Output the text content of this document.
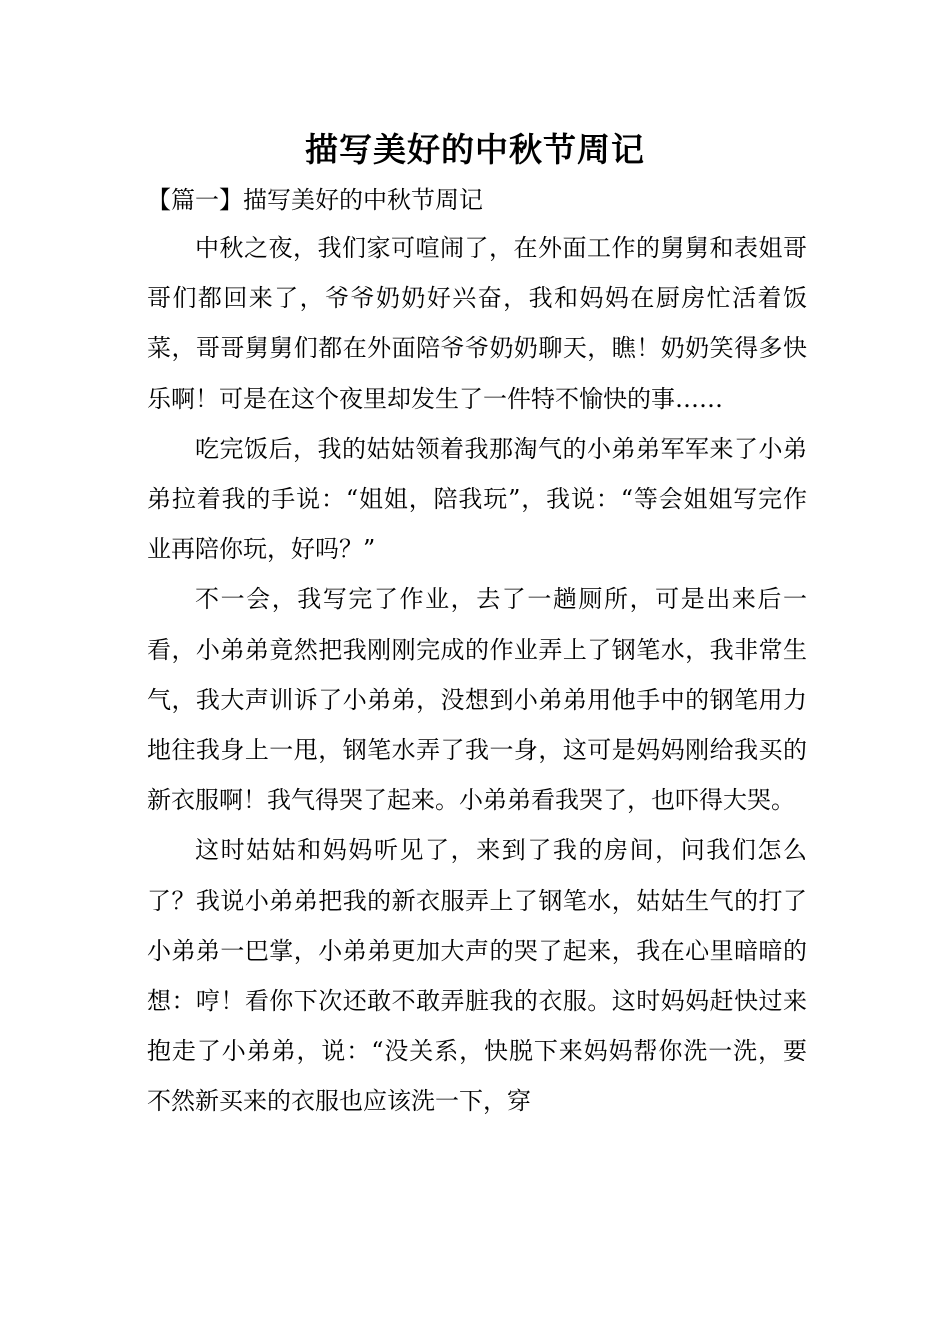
描写美好的中秋节周记
【篇一】描写美好的中秋节周记

中秋之夜，我们家可喧闹了，在外面工作的舅舅和表姐哥哥们都回来了，爷爷奶奶好兴奋，我和妈妈在厨房忙活着饭菜，哥哥舅舅们都在外面陪爷爷奶奶聊天，瞧！奶奶笑得多快乐啊！可是在这个夜里却发生了一件特不愉快的事……

吃完饭后，我的姑姑领着我那淘气的小弟弟军军来了小弟弟拉着我的手说：“姐姐，陪我玩”，我说：“等会姐姐写完作业再陪你玩，好吗？”

不一会，我写完了作业，去了一趟厕所，可是出来后一看，小弟弟竟然把我刚刚完成的作业弄上了钢笔水，我非常生气，我大声训诉了小弟弟，没想到小弟弟用他手中的钢笔用力地往我身上一甩，钢笔水弄了我一身，这可是妈妈刚给我买的新衣服啊！我气得哭了起来。小弟弟看我哭了，也吓得大哭。

这时姑姑和妈妈听见了，来到了我的房间，问我们怎么了？我说小弟弟把我的新衣服弄上了钢笔水，姑姑生气的打了小弟弟一巴掌，小弟弟更加大声的哭了起来，我在心里暗暗的想：哼！看你下次还敢不敢弄脏我的衣服。这时妈妈赶快过来抱走了小弟弟，说：“没关系，快脱下来妈妈帮你洗一洗，要不然新买来的衣服也应该洗一下，穿
